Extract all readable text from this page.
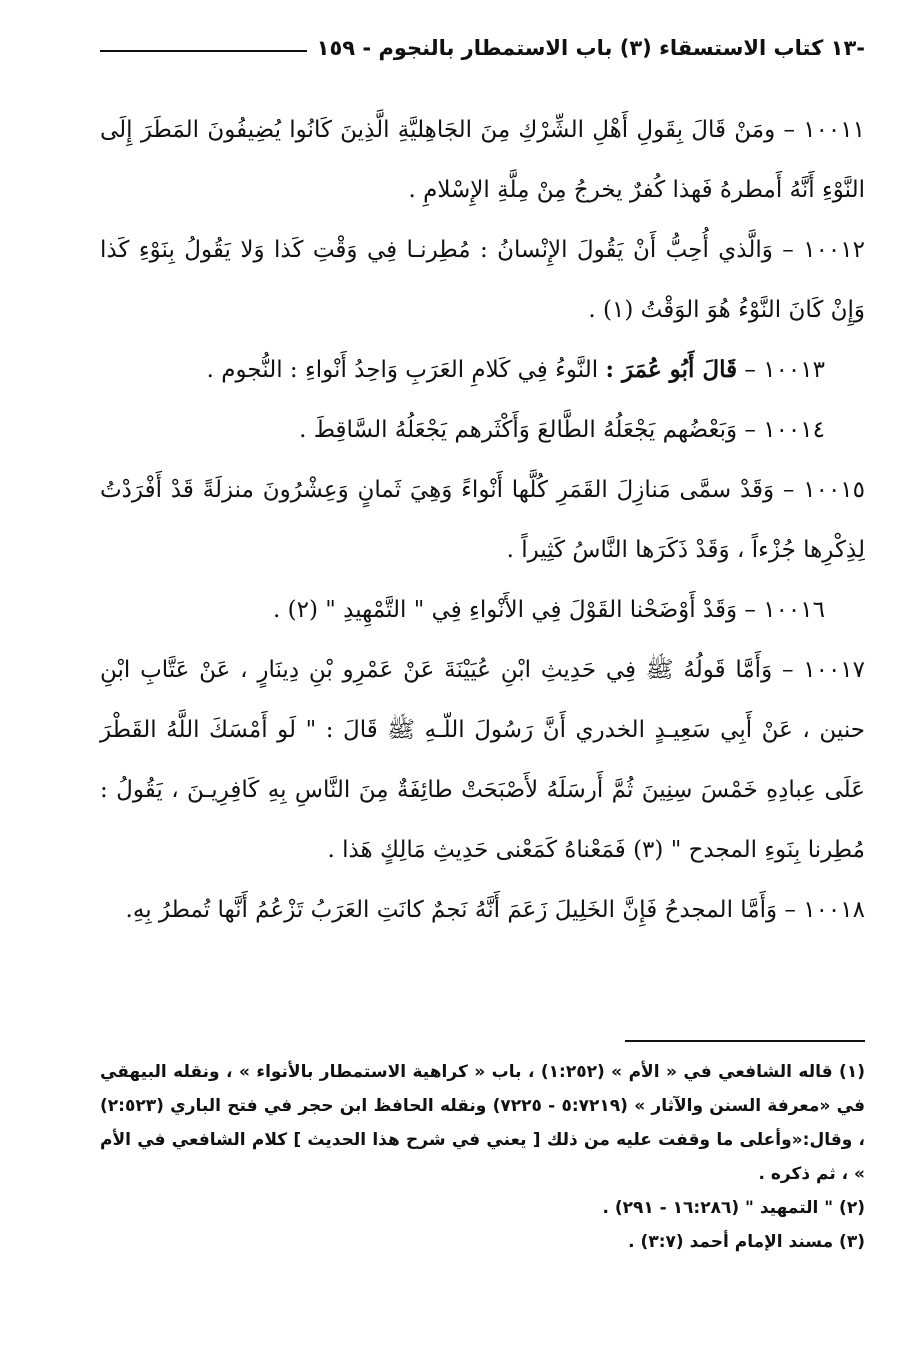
-١٣ كتاب الاستسقاء (٣) باب الاستمطار بالنجوم - ١٥٩

١٠٠١١ – ومَنْ قَالَ بِقَولِ أَهْلِ الشِّرْكِ مِنَ الجَاهِليَّةِ الَّذِينَ كَانُوا يُضِيفُونَ المَطَرَ إِلَى النَّوْءِ أَنَّهُ أَمطرهُ فَهذا كُفرٌ يخرجُ مِنْ مِلَّةِ الإِسْلامِ .

١٠٠١٢ – وَالَّذي أُحِبُّ أَنْ يَقُولَ الإِنْسانُ : مُطِرنـا فِي وَقْتِ كَذا وَلا يَقُولُ بِنَوْءِ كَذا وَإِنْ كَانَ النَّوْءُ هُوَ الوَقْتُ (١) .

١٠٠١٣ – قَالَ أَبُو عُمَرَ : النَّوءُ فِي كَلامِ العَرَبِ وَاحِدُ أَنْواءِ : النُّجوم .

١٠٠١٤ – وَبَعْضُهم يَجْعَلُهُ الطَّالعَ وَأَكْثَرهم يَجْعَلُهُ السَّاقِطَ .

١٠٠١٥ – وَقَدْ سمَّى مَنازِلَ القَمَرِ كُلَّها أَنْواءً وَهِيَ ثَمانٍ وَعِشْرُونَ منزلَةً قَدْ أَفْرَدْتُ لِذِكْرِها جُزْءاً ، وَقَدْ ذَكَرَها النَّاسُ كَثِيراً .

١٠٠١٦ – وَقَدْ أَوْضَحْنا القَوْلَ فِي الأَنْواءِ فِي " التَّمْهِيدِ " (٢) .

١٠٠١٧ – وَأَمَّا قَولُهُ ﷺ فِي حَدِيثِ ابْنِ عُيَيْنَةَ عَنْ عَمْرِو بْنِ دِينَارٍ ، عَنْ عَتَّابِ ابْنِ حنين ، عَنْ أَبِي سَعِيـدٍ الخدري أَنَّ رَسُولَ اللّـهِ ﷺ قَالَ : " لَو أَمْسَكَ اللَّهُ القَطْرَ عَلَى عِبادِهِ خَمْسَ سِنِينَ ثُمَّ أَرسَلَهُ لأَصْبَحَتْ طائِفَةٌ مِنَ النَّاسِ بِهِ كَافِرِيـنَ ، يَقُولُ : مُطِرنا بِنَوءِ المجدح " (٣) فَمَعْناهُ كَمَعْنى حَدِيثِ مَالِكٍ هَذا .

١٠٠١٨ – وَأَمَّا المجدحُ فَإِنَّ الخَلِيلَ زَعَمَ أَنَّهُ نَجمٌ كانَتِ العَرَبُ تَزْعُمُ أَنَّها تُمطرُ بِهِ.

(١) قاله الشافعي في « الأم » (١:٢٥٢) ، باب « كراهية الاستمطار بالأنواء » ، ونقله البيهقي في «معرفة السنن والآثار » (٥:٧٢١٩ - ٧٢٢٥) ونقله الحافظ ابن حجر في فتح الباري (٢:٥٢٣) ، وقال:«وأعلى ما وقفت عليه من ذلك [ يعني في شرح هذا الحديث ] كلام الشافعي في الأم » ، ثم ذكره .

(٢) " التمهيد " (١٦:٢٨٦ - ٢٩١) .

(٣) مسند الإمام أحمد (٣:٧) .
